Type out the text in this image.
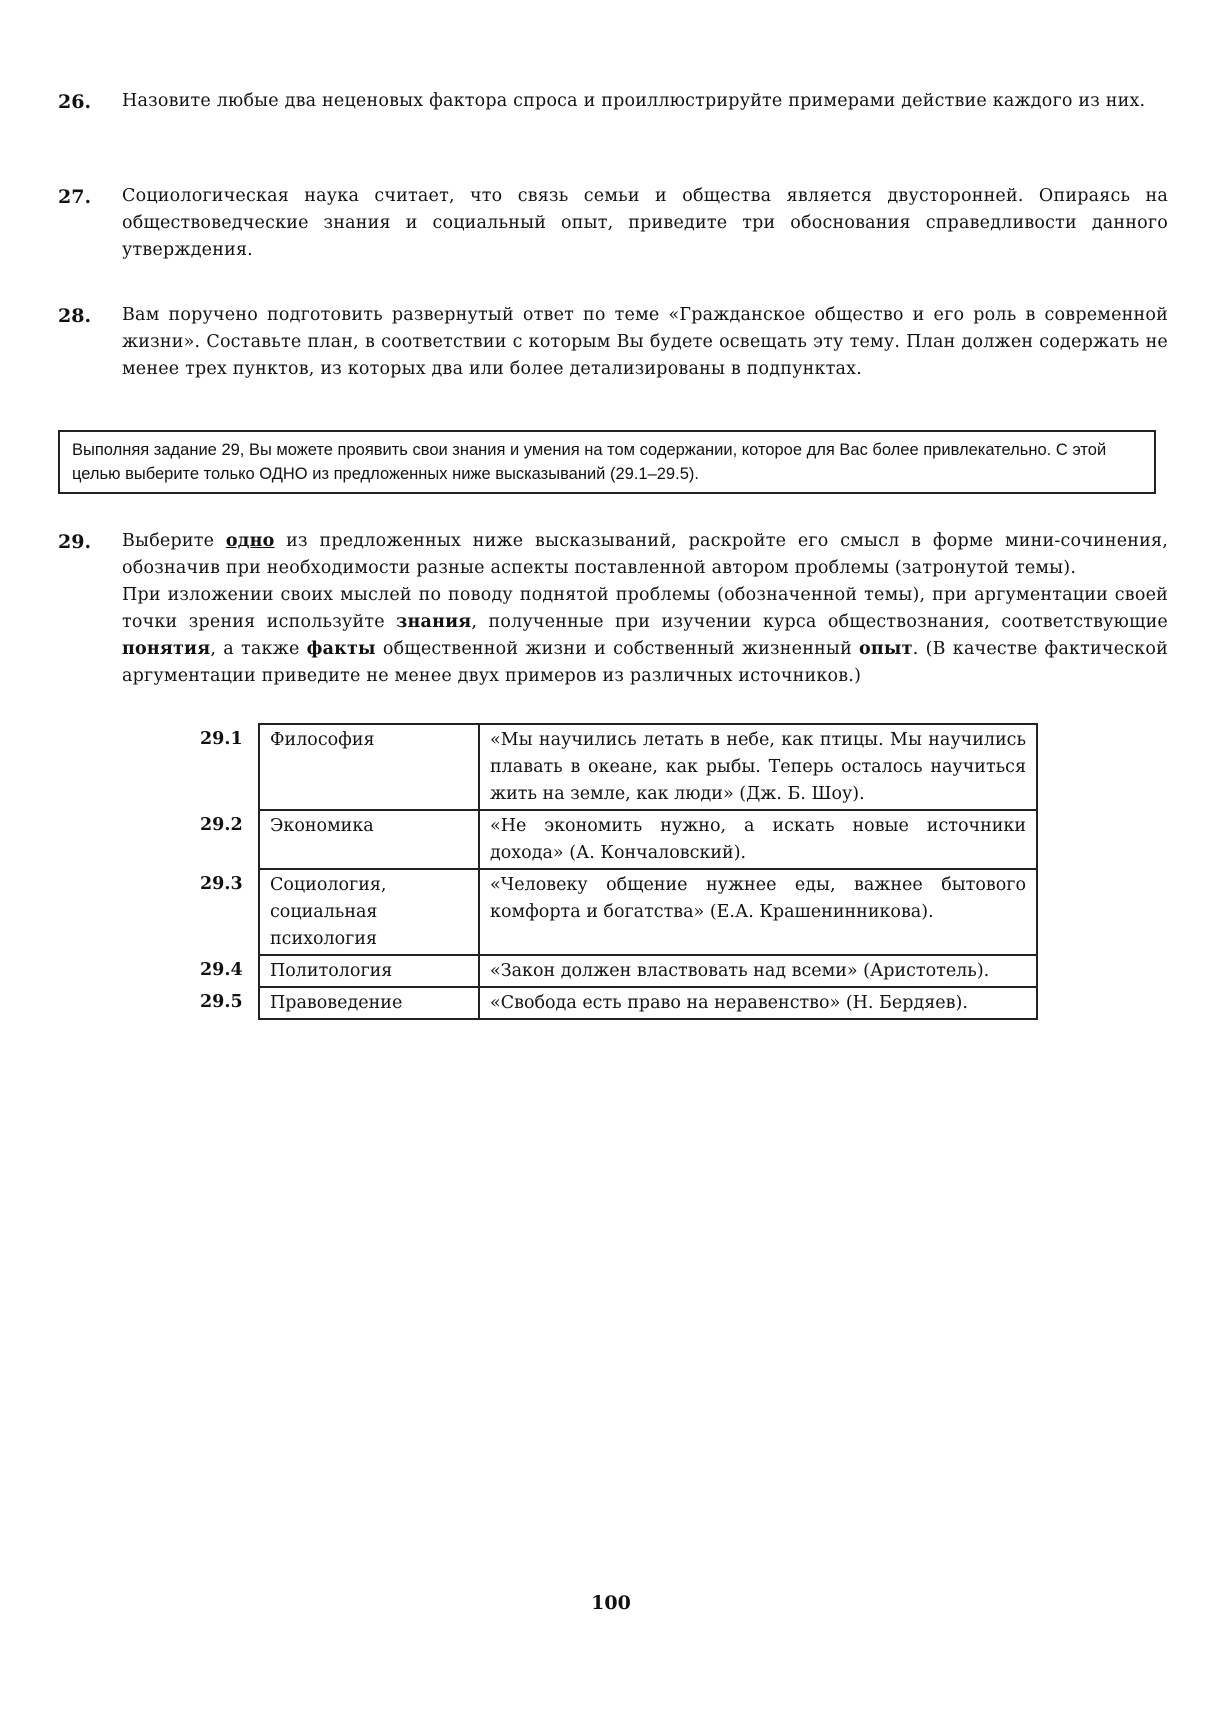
26. Назовите любые два неценовых фактора спроса и проиллюстрируйте примерами действие каждого из них.

27. Социологическая наука считает, что связь семьи и общества является двусторонней. Опираясь на обществоведческие знания и социальный опыт, приведите три обоснования справедливости данного утверждения.

28. Вам поручено подготовить развернутый ответ по теме «Гражданское общество и его роль в современной жизни». Составьте план, в соответствии с которым Вы будете освещать эту тему. План должен содержать не менее трех пунктов, из которых два или более детализированы в подпунктах.

Выполняя задание 29, Вы можете проявить свои знания и умения на том содержании, которое для Вас более привлекательно. С этой целью выберите только ОДНО из предложенных ниже высказываний (29.1–29.5).
29. Выберите одно из предложенных ниже высказываний, раскройте его смысл в форме мини-сочинения, обозначив при необходимости разные аспекты поставленной автором проблемы (затронутой темы).

При изложении своих мыслей по поводу поднятой проблемы (обозначенной темы), при аргументации своей точки зрения используйте знания, полученные при изучении курса обществознания, соответствующие понятия, а также факты общественной жизни и собственный жизненный опыт. (В качестве фактической аргументации приведите не менее двух примеров из различных источников.)

29.1	Философия	«Мы научились летать в небе, как птицы. Мы научились плавать в океане, как рыбы. Теперь осталось научиться жить на земле, как люди» (Дж. Б. Шоу).
29.2	Экономика	«Не экономить нужно, а искать новые источники дохода» (А. Кончаловский).
29.3	Социология, социальная психология	«Человеку общение нужнее еды, важнее бытового комфорта и богатства» (Е.А. Крашенинникова).
29.4	Политология	«Закон должен властвовать над всеми» (Аристотель).
29.5	Правоведение	«Свобода есть право на неравенство» (Н. Бердяев).
100
